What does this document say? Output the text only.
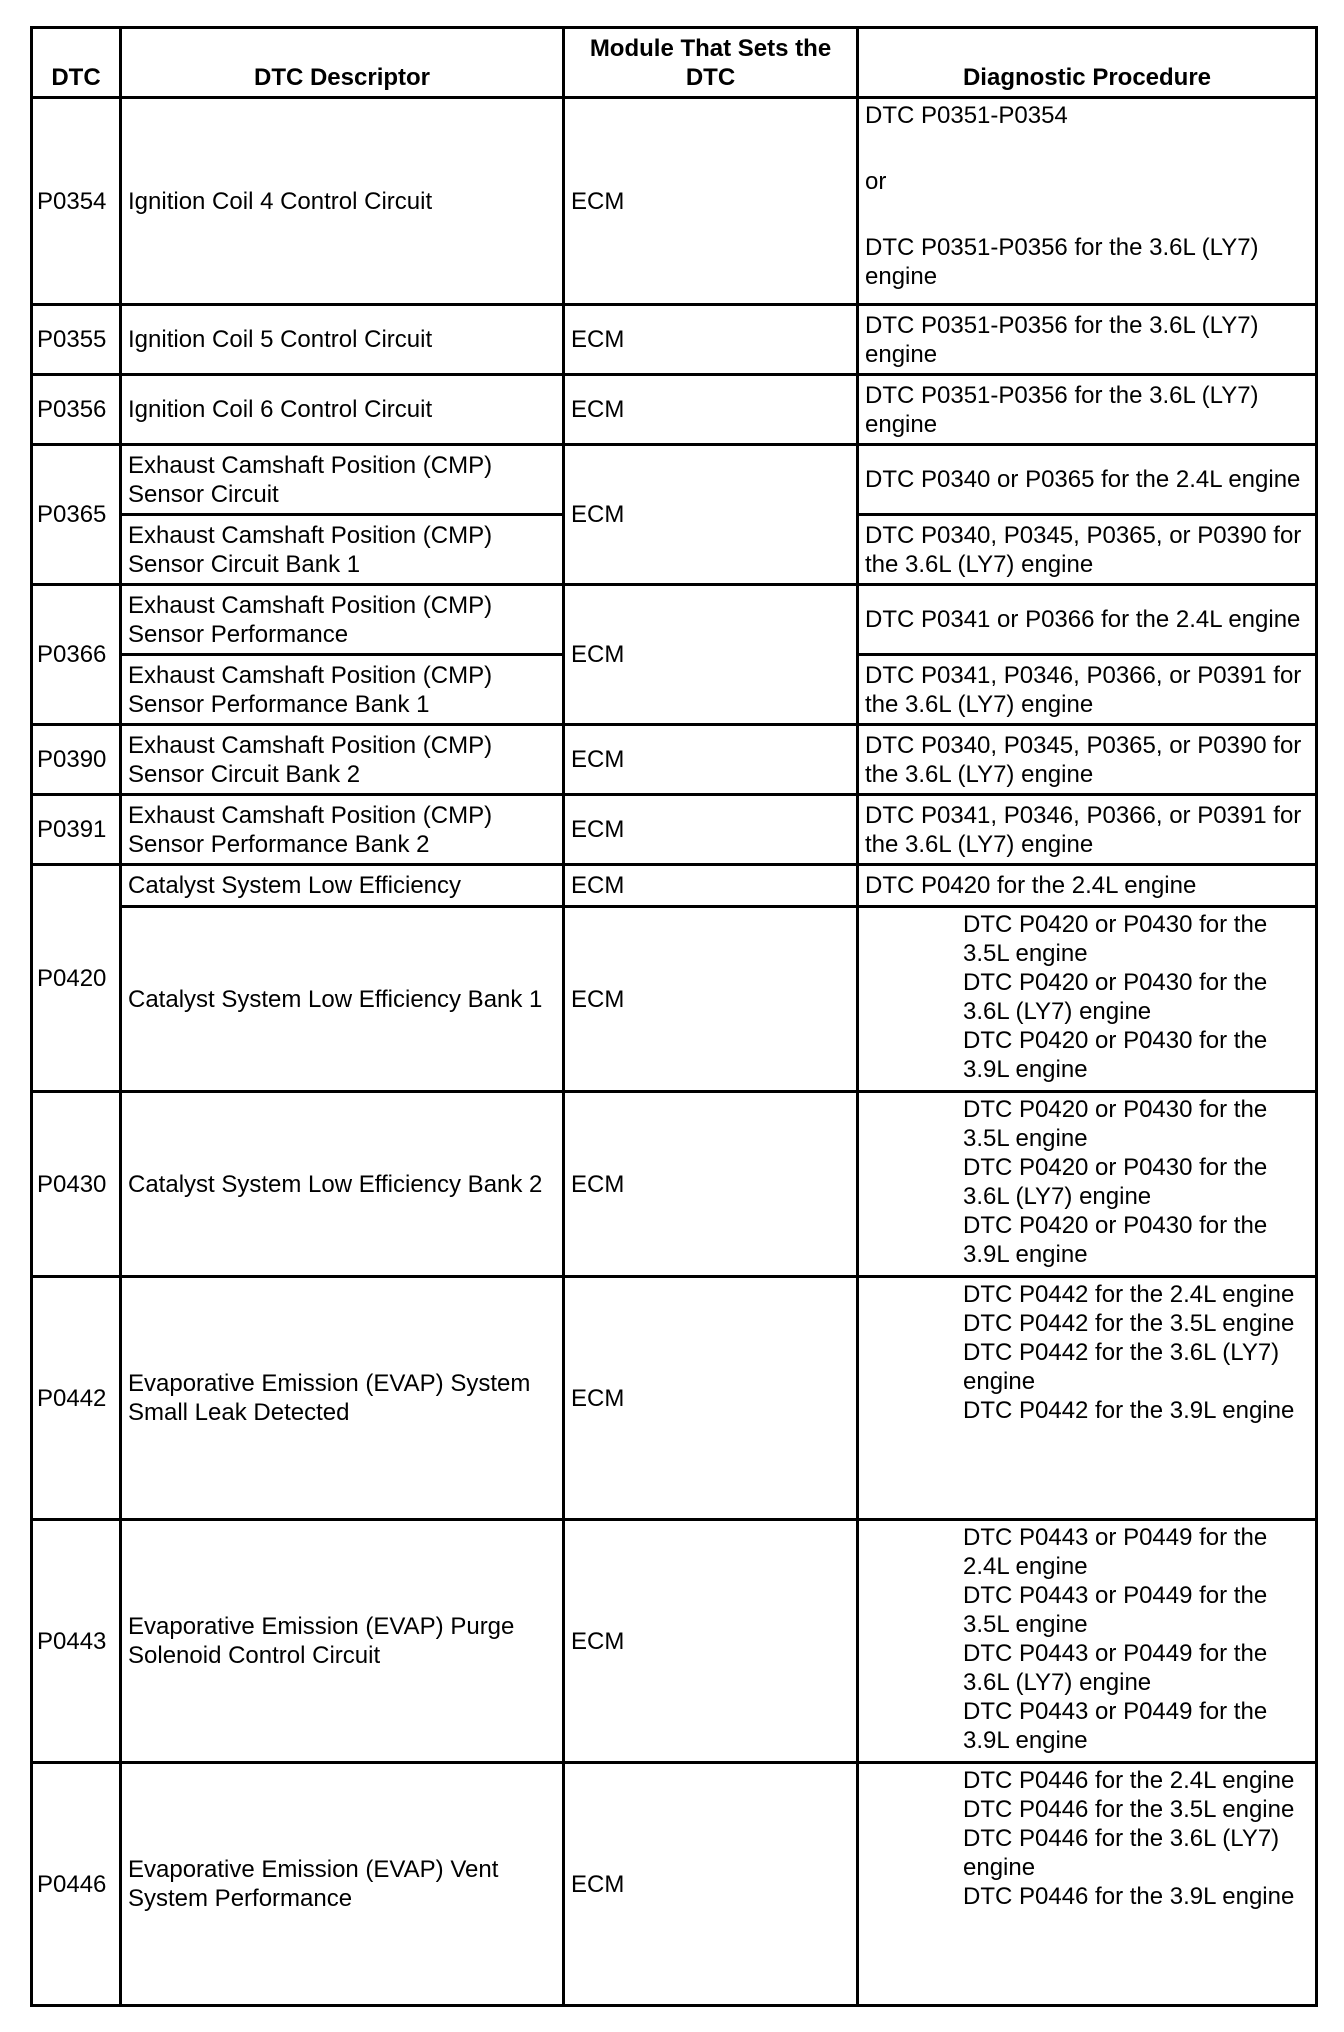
DTC	DTC Descriptor	Module That Sets the DTC	Diagnostic Procedure
P0354	Ignition Coil 4 Control Circuit	ECM	DTC P0351-P0354
or
DTC P0351-P0356 for the 3.6L (LY7) engine

P0355	Ignition Coil 5 Control Circuit	ECM	DTC P0351-P0356 for the 3.6L (LY7) engine
P0356	Ignition Coil 6 Control Circuit	ECM	DTC P0351-P0356 for the 3.6L (LY7) engine
P0365	Exhaust Camshaft Position (CMP) Sensor Circuit	ECM	DTC P0340 or P0365 for the 2.4L engine
	Exhaust Camshaft Position (CMP) Sensor Circuit Bank 1		DTC P0340, P0345, P0365, or P0390 for the 3.6L (LY7) engine
P0366	Exhaust Camshaft Position (CMP) Sensor Performance	ECM	DTC P0341 or P0366 for the 2.4L engine
	Exhaust Camshaft Position (CMP) Sensor Performance Bank 1		DTC P0341, P0346, P0366, or P0391 for the 3.6L (LY7) engine
P0390	Exhaust Camshaft Position (CMP) Sensor Circuit Bank 2	ECM	DTC P0340, P0345, P0365, or P0390 for the 3.6L (LY7) engine
P0391	Exhaust Camshaft Position (CMP) Sensor Performance Bank 2	ECM	DTC P0341, P0346, P0366, or P0391 for the 3.6L (LY7) engine
P0420	Catalyst System Low Efficiency	ECM	DTC P0420 for the 2.4L engine
	Catalyst System Low Efficiency Bank 1	ECM	DTC P0420 or P0430 for the 3.5L engine
DTC P0420 or P0430 for the 3.6L (LY7) engine
DTC P0420 or P0430 for the 3.9L engine

P0430	Catalyst System Low Efficiency Bank 2	ECM	DTC P0420 or P0430 for the 3.5L engine
DTC P0420 or P0430 for the 3.6L (LY7) engine
DTC P0420 or P0430 for the 3.9L engine

P0442	Evaporative Emission (EVAP) System Small Leak Detected	ECM	DTC P0442 for the 2.4L engine
DTC P0442 for the 3.5L engine
DTC P0442 for the 3.6L (LY7) engine
DTC P0442 for the 3.9L engine

P0443	Evaporative Emission (EVAP) Purge Solenoid Control Circuit	ECM	DTC P0443 or P0449 for the 2.4L engine
DTC P0443 or P0449 for the 3.5L engine
DTC P0443 or P0449 for the 3.6L (LY7) engine
DTC P0443 or P0449 for the 3.9L engine

P0446	Evaporative Emission (EVAP) Vent System Performance	ECM	DTC P0446 for the 2.4L engine
DTC P0446 for the 3.5L engine
DTC P0446 for the 3.6L (LY7) engine
DTC P0446 for the 3.9L engine
